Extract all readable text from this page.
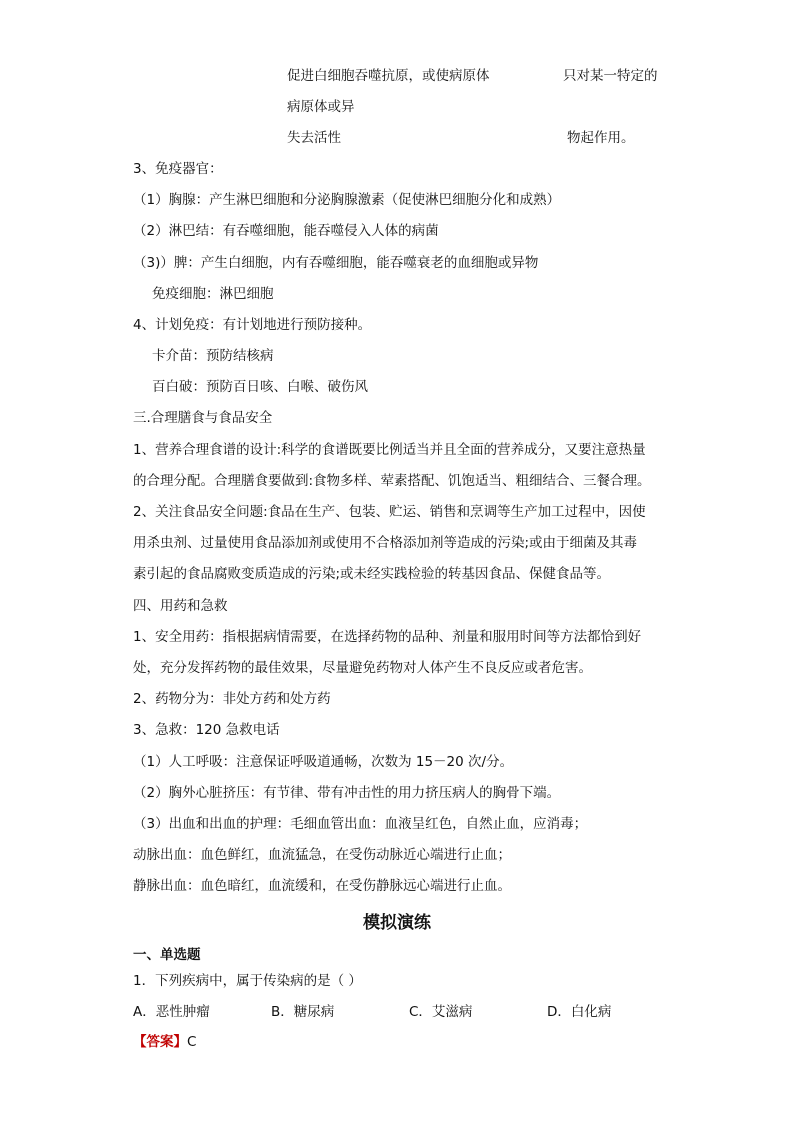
促进白细胞吞噬抗原，或使病原体	只对某一特定的
病原体或异
失去活性	物起作用。
3、免疫器官：
（1）胸腺：产生淋巴细胞和分泌胸腺激素（促使淋巴细胞分化和成熟）
（2）淋巴结：有吞噬细胞，能吞噬侵入人体的病菌
（3)）脾：产生白细胞，内有吞噬细胞，能吞噬衰老的血细胞或异物
免疫细胞：淋巴细胞
4、计划免疫：有计划地进行预防接种。
卡介苗：预防结核病
百白破：预防百日咳、白喉、破伤风
三.合理膳食与食品安全
1、营养合理食谱的设计:科学的食谱既要比例适当并且全面的营养成分，又要注意热量
的合理分配。合理膳食要做到:食物多样、荤素搭配、饥饱适当、粗细结合、三餐合理。
2、关注食品安全问题:食品在生产、包装、贮运、销售和烹调等生产加工过程中，因使
用杀虫剂、过量使用食品添加剂或使用不合格添加剂等造成的污染;或由于细菌及其毒
素引起的食品腐败变质造成的污染;或未经实践检验的转基因食品、保健食品等。
四、用药和急救
1、安全用药：指根据病情需要，在选择药物的品种、剂量和服用时间等方法都恰到好
处，充分发挥药物的最佳效果，尽量避免药物对人体产生不良反应或者危害。
2、药物分为：非处方药和处方药
3、急救：120 急救电话
（1）人工呼吸：注意保证呼吸道通畅，次数为 15－20 次/分。
（2）胸外心脏挤压：有节律、带有冲击性的用力挤压病人的胸骨下端。
（3）出血和出血的护理：毛细血管出血：血液呈红色，自然止血，应消毒；
动脉出血：血色鲜红，血流猛急，在受伤动脉近心端进行止血；
静脉出血：血色暗红，血流缓和，在受伤静脉远心端进行止血。
模拟演练
一、单选题
1．下列疾病中，属于传染病的是（ ）
A．恶性肿瘤	B．糖尿病	C．艾滋病	D．白化病
【答案】C
